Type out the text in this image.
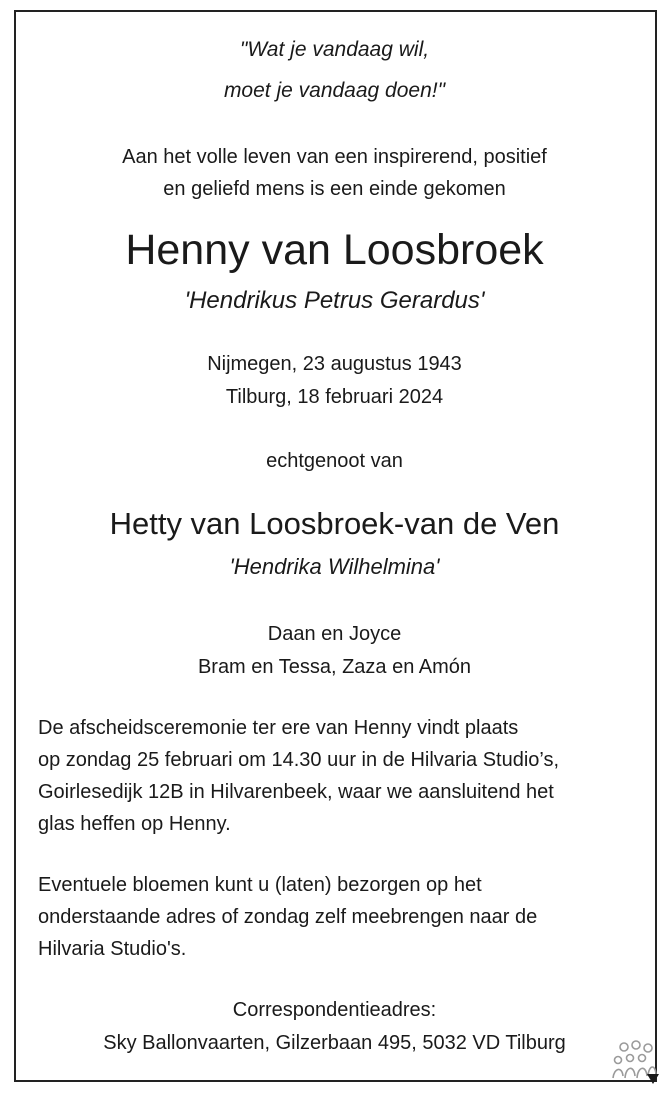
"Wat je vandaag wil,
moet je vandaag doen!"
Aan het volle leven van een inspirerend, positief
en geliefd mens is een einde gekomen
Henny van Loosbroek
'Hendrikus Petrus Gerardus'
Nijmegen, 23 augustus 1943
Tilburg, 18 februari 2024
echtgenoot van
Hetty van Loosbroek-van de Ven
'Hendrika Wilhelmina'
Daan en Joyce
Bram en Tessa, Zaza en Amón
De afscheidsceremonie ter ere van Henny vindt plaats
op zondag 25 februari om 14.30 uur in de Hilvaria Studio’s,
Goirlesedijk 12B in Hilvarenbeek, waar we aansluitend het
glas heffen op Henny.
Eventuele bloemen kunt u (laten) bezorgen op het
onderstaande adres of zondag zelf meebrengen naar de
Hilvaria Studio's.
Correspondentieadres:
Sky Ballonvaarten, Gilzerbaan 495, 5032 VD Tilburg
